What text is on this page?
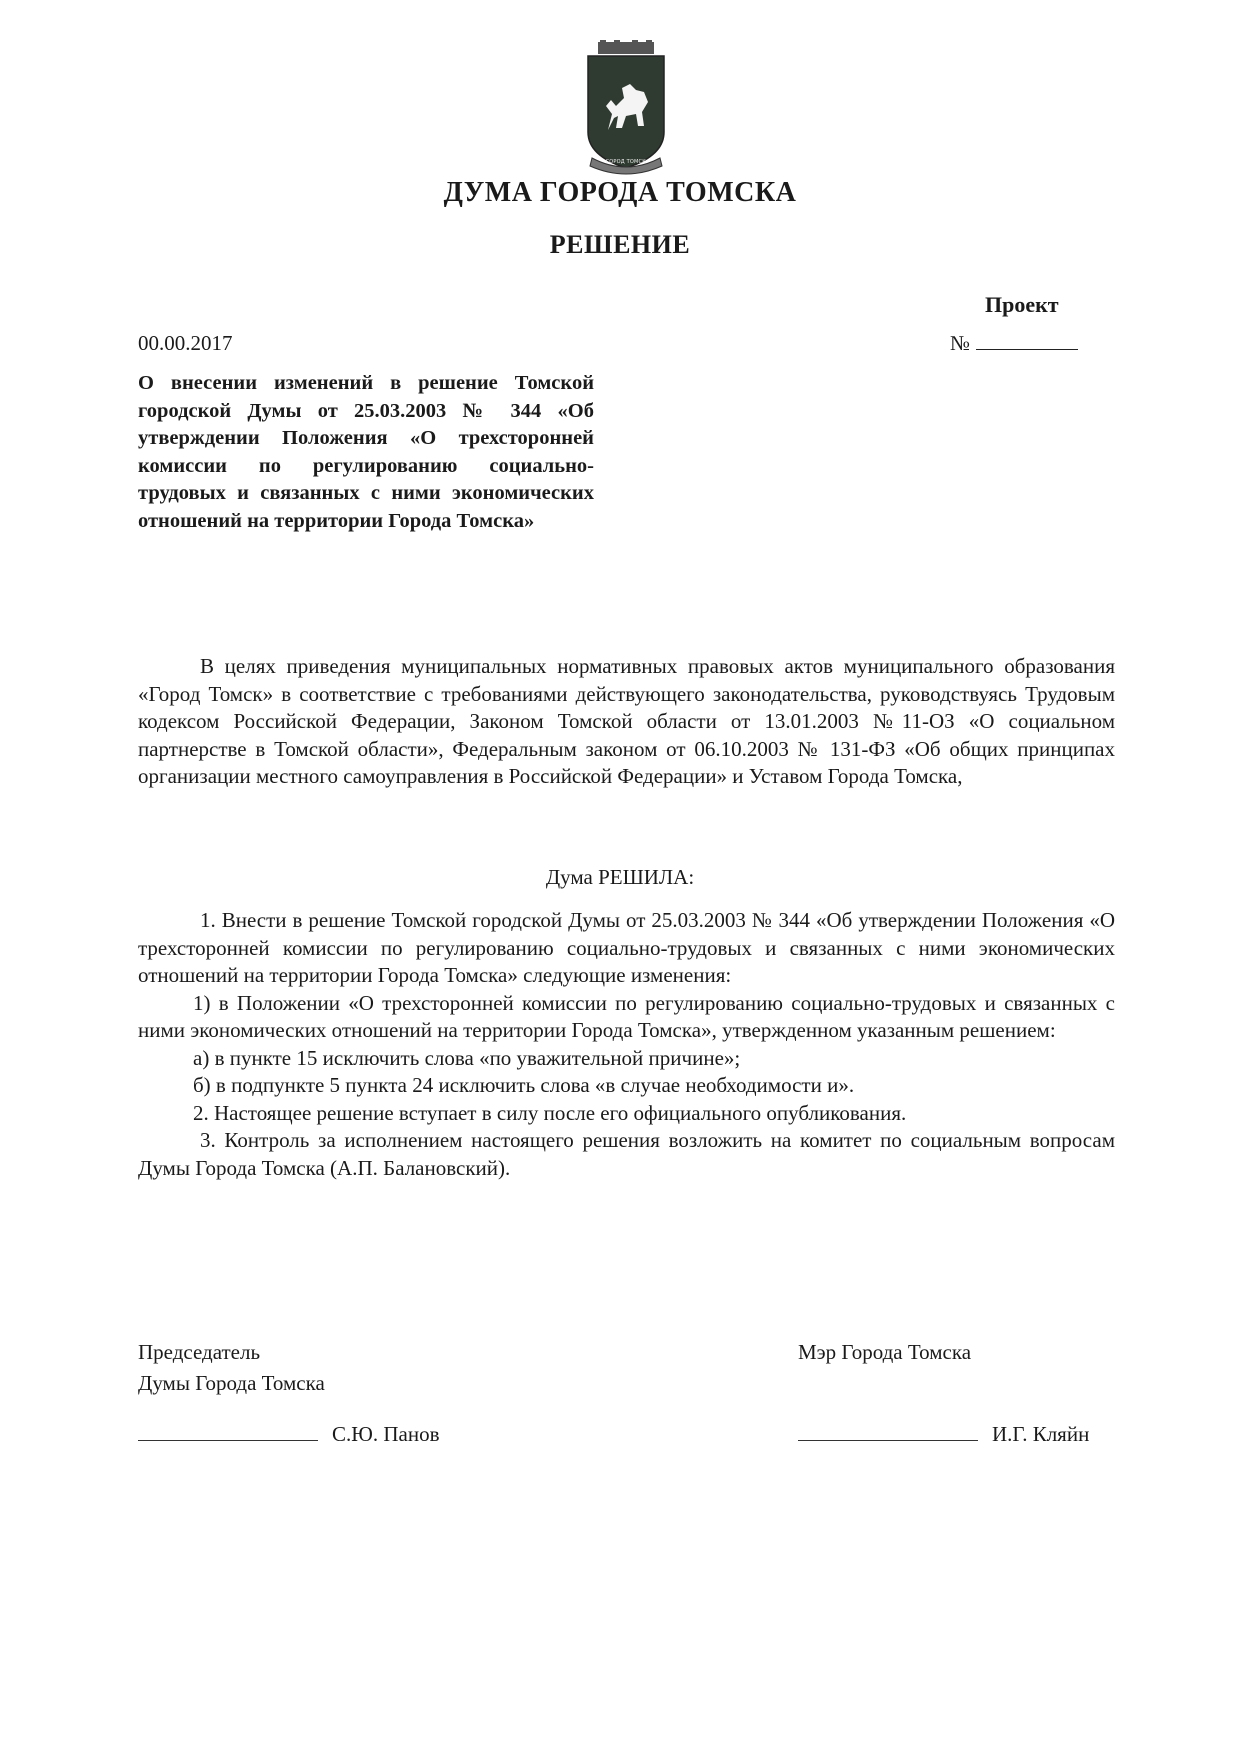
ГОРОД ТОМСК
ДУМА ГОРОДА ТОМСКА
РЕШЕНИЕ
Проект
00.00.2017	№
О внесении изменений в решение Томской городской Думы от 25.03.2003 № 344 «Об утверждении Положения «О трехсторонней комиссии по регулированию социально-трудовых и связанных с ними экономических отношений на территории Города Томска»
В целях приведения муниципальных нормативных правовых актов муниципального образования «Город Томск» в соответствие с требованиями действующего законодательства, руководствуясь Трудовым кодексом Российской Федерации, Законом Томской области от 13.01.2003 №11-ОЗ «О социальном партнерстве в Томской области», Федеральным законом от 06.10.2003 № 131-ФЗ «Об общих принципах организации местного самоуправления в Российской Федерации» и Уставом Города Томска,
Дума РЕШИЛА:

1. Внести в решение Томской городской Думы от 25.03.2003 № 344 «Об утверждении Положения «О трехсторонней комиссии по регулированию социально-трудовых и связанных с ними экономических отношений на территории Города Томска» следующие изменения:

1) в Положении «О трехсторонней комиссии по регулированию социально-трудовых и связанных с ними экономических отношений на территории Города Томска», утвержденном указанным решением:

а) в пункте 15 исключить слова «по уважительной причине»;

б) в подпункте 5 пункта 24 исключить слова «в случае необходимости и».

2. Настоящее решение вступает в силу после его официального опубликования.

3. Контроль за исполнением настоящего решения возложить на комитет по социальным вопросам Думы Города Томска (А.П. Балановский).

Председатель
Думы Города Томска
Мэр Города Томска
С.Ю. Панов	И.Г. Кляйн
